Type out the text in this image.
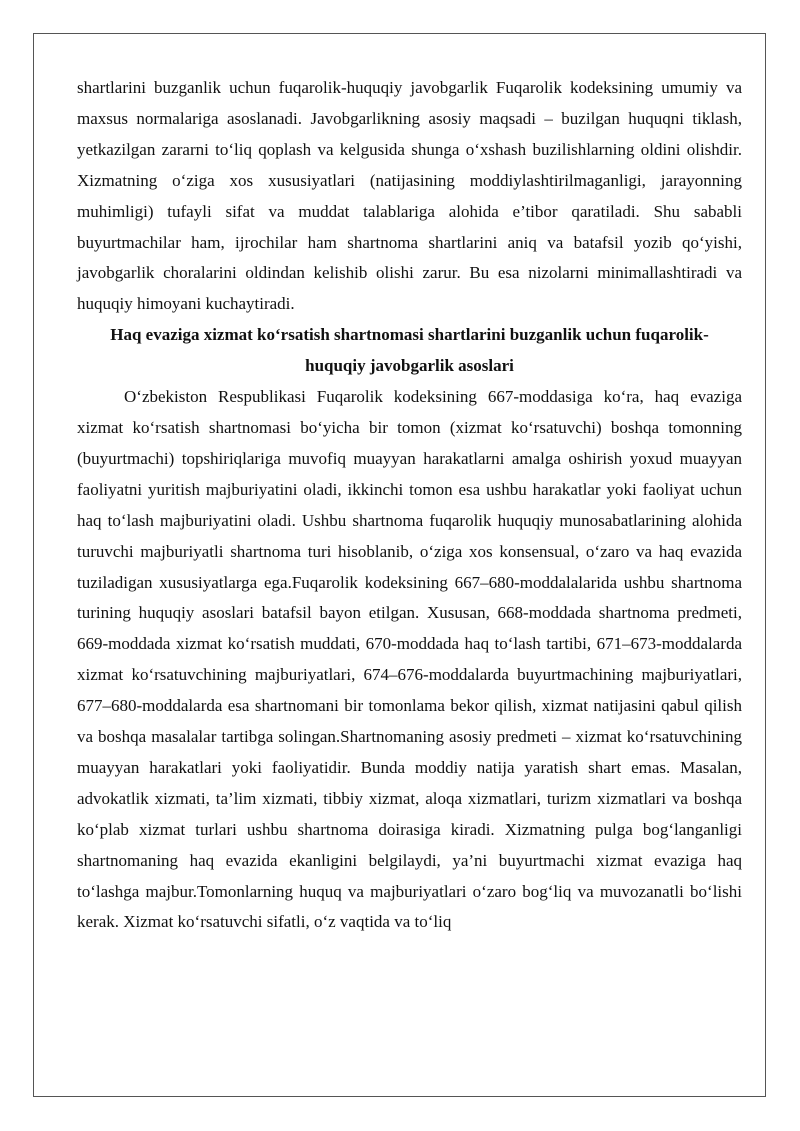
shartlarini buzganlik uchun fuqarolik-huquqiy javobgarlik Fuqarolik kodeksining umumiy va maxsus normalariga asoslanadi. Javobgarlikning asosiy maqsadi – buzilgan huquqni tiklash, yetkazilgan zararni to‘liq qoplash va kelgusida shunga o‘xshash buzilishlarning oldini olishdir. Xizmatning o‘ziga xos xususiyatlari (natijasining moddiylashtirilmaganligi, jarayonning muhimligi) tufayli sifat va muddat talablariga alohida e’tibor qaratiladi. Shu sababli buyurtmachilar ham, ijrochilar ham shartnoma shartlarini aniq va batafsil yozib qo‘yishi, javobgarlik choralarini oldindan kelishib olishi zarur. Bu esa nizolarni minimallashtiradi va huquqiy himoyani kuchaytiradi.

Haq evaziga xizmat ko‘rsatish shartnomasi shartlarini buzganlik uchun fuqarolik-huquqiy javobgarlik asoslari

O‘zbekiston Respublikasi Fuqarolik kodeksining 667-moddasiga ko‘ra, haq evaziga xizmat ko‘rsatish shartnomasi bo‘yicha bir tomon (xizmat ko‘rsatuvchi) boshqa tomonning (buyurtmachi) topshiriqlariga muvofiq muayyan harakatlarni amalga oshirish yoxud muayyan faoliyatni yuritish majburiyatini oladi, ikkinchi tomon esa ushbu harakatlar yoki faoliyat uchun haq to‘lash majburiyatini oladi. Ushbu shartnoma fuqarolik huquqiy munosabatlarining alohida turuvchi majburiyatli shartnoma turi hisoblanib, o‘ziga xos konsensual, o‘zaro va haq evazida tuziladigan xususiyatlarga ega.Fuqarolik kodeksining 667–680-moddalalarida ushbu shartnoma turining huquqiy asoslari batafsil bayon etilgan. Xususan, 668-moddada shartnoma predmeti, 669-moddada xizmat ko‘rsatish muddati, 670-moddada haq to‘lash tartibi, 671–673-moddalarda xizmat ko‘rsatuvchining majburiyatlari, 674–676-moddalarda buyurtmachining majburiyatlari, 677–680-moddalarda esa shartnomani bir tomonlama bekor qilish, xizmat natijasini qabul qilish va boshqa masalalar tartibga solingan.Shartnomaning asosiy predmeti – xizmat ko‘rsatuvchining muayyan harakatlari yoki faoliyatidir. Bunda moddiy natija yaratish shart emas. Masalan, advokatlik xizmati, ta’lim xizmati, tibbiy xizmat, aloqa xizmatlari, turizm xizmatlari va boshqa ko‘plab xizmat turlari ushbu shartnoma doirasiga kiradi. Xizmatning pulga bog‘langanligi shartnomaning haq evazida ekanligini belgilaydi, ya’ni buyurtmachi xizmat evaziga haq to‘lashga majbur.Tomonlarning huquq va majburiyatlari o‘zaro bog‘liq va muvozanatli bo‘lishi kerak. Xizmat ko‘rsatuvchi sifatli, o‘z vaqtida va to‘liq
